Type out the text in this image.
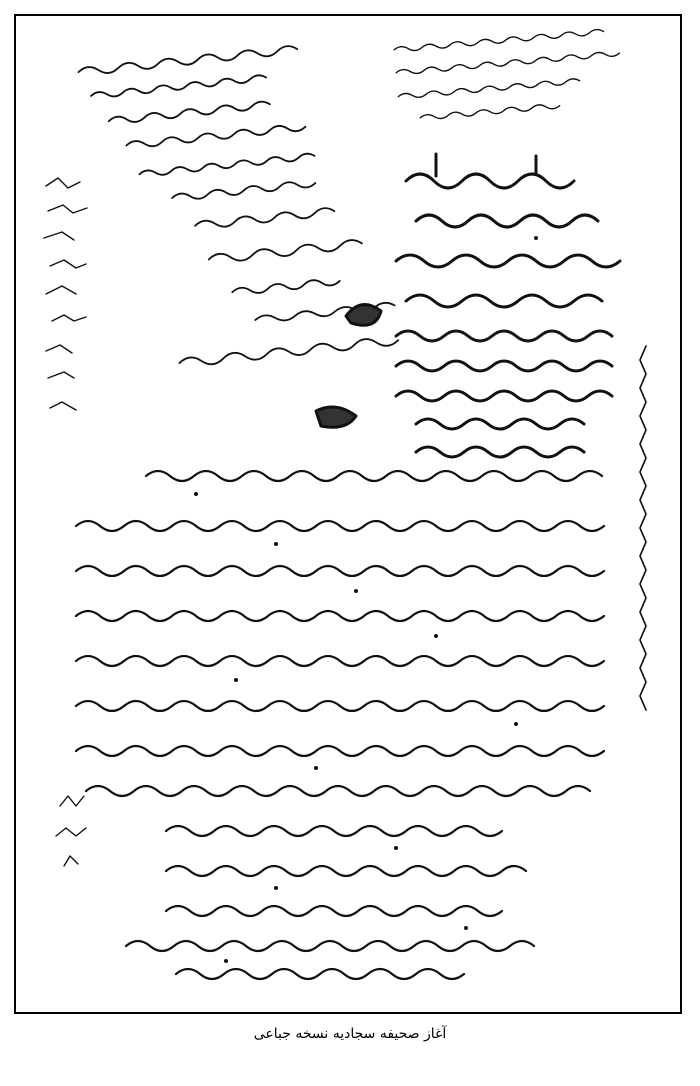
آغاز صحیفه سجادیه نسخه جباعی
